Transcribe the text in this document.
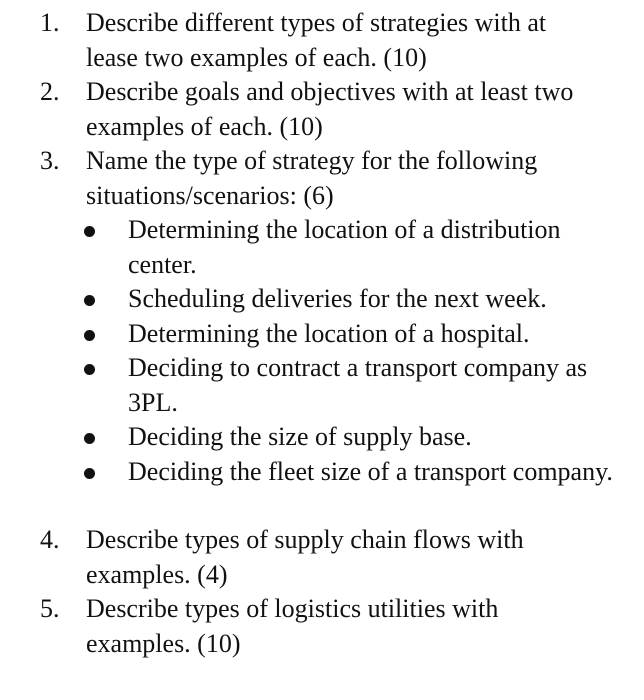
1.	Describe different types of strategies with at lease two examples of each. (10)
2.	Describe goals and objectives with at least two examples of each. (10)
3.	Name the type of strategy for the following situations/scenarios: (6)
Determining the location of a distribution center.
Scheduling deliveries for the next week.
Determining the location of a hospital.
Deciding to contract a transport company as 3PL.
Deciding the size of supply base.
Deciding the fleet size of a transport company.
4.	Describe types of supply chain flows with examples. (4)
5.	Describe types of logistics utilities with examples. (10)
